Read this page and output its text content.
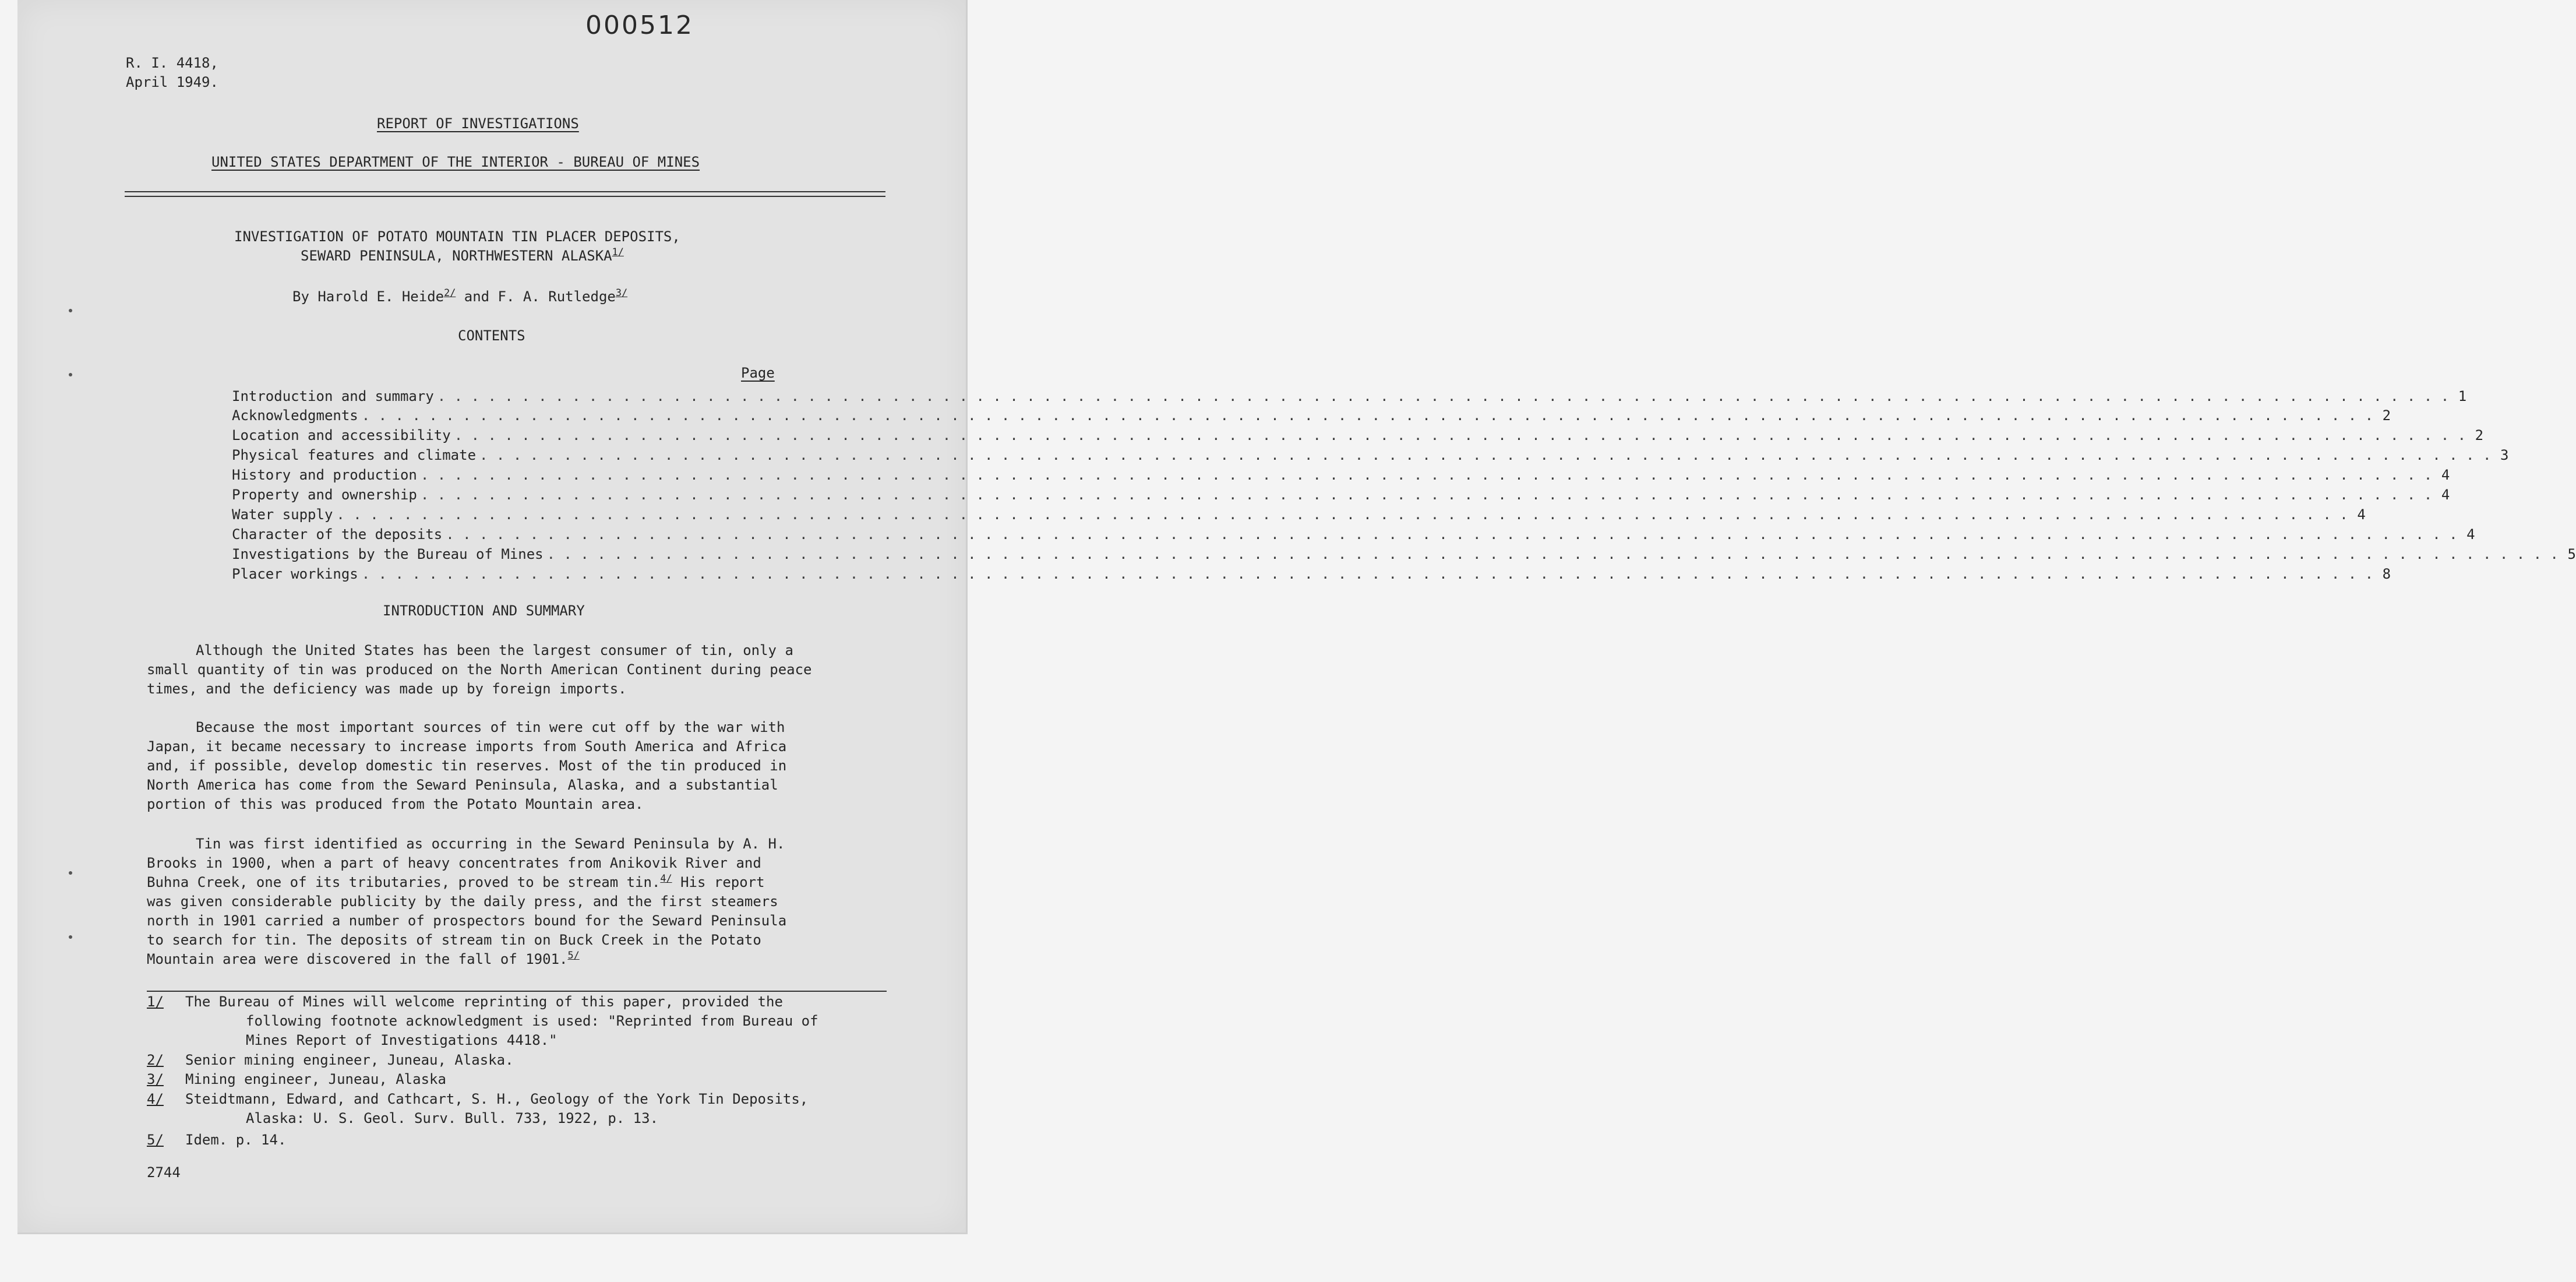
000512
R. I. 4418,
April 1949.
REPORT OF INVESTIGATIONS
UNITED STATES DEPARTMENT OF THE INTERIOR - BUREAU OF MINES
INVESTIGATION OF POTATO MOUNTAIN TIN PLACER DEPOSITS,
SEWARD PENINSULA, NORTHWESTERN ALASKA$^{1/}$
By Harold E. Heide$^{2/}$ and F. A. Rutledge$^{3/}$
CONTENTS
Page
Introduction and summary . . . . . . . . . . . . . . . . . . . . . . . . . . . . . . . . . . . . . . . . . . . . . . . . . . . . . . . . . . . . . . . . . . . . . . . . . . . . . . . . . . . . . . . . . . . . . . . . . . . . . . . . . . . . . . . . . . . . . . . . 1
Acknowledgments . . . . . . . . . . . . . . . . . . . . . . . . . . . . . . . . . . . . . . . . . . . . . . . . . . . . . . . . . . . . . . . . . . . . . . . . . . . . . . . . . . . . . . . . . . . . . . . . . . . . . . . . . . . . . . . . . . . . . . . . 2
Location and accessibility . . . . . . . . . . . . . . . . . . . . . . . . . . . . . . . . . . . . . . . . . . . . . . . . . . . . . . . . . . . . . . . . . . . . . . . . . . . . . . . . . . . . . . . . . . . . . . . . . . . . . . . . . . . . . . . . . . . . . . . . 2
Physical features and climate . . . . . . . . . . . . . . . . . . . . . . . . . . . . . . . . . . . . . . . . . . . . . . . . . . . . . . . . . . . . . . . . . . . . . . . . . . . . . . . . . . . . . . . . . . . . . . . . . . . . . . . . . . . . . . . . . . . . . . . . 3
History and production . . . . . . . . . . . . . . . . . . . . . . . . . . . . . . . . . . . . . . . . . . . . . . . . . . . . . . . . . . . . . . . . . . . . . . . . . . . . . . . . . . . . . . . . . . . . . . . . . . . . . . . . . . . . . . . . . . . . . . . . 4
Property and ownership . . . . . . . . . . . . . . . . . . . . . . . . . . . . . . . . . . . . . . . . . . . . . . . . . . . . . . . . . . . . . . . . . . . . . . . . . . . . . . . . . . . . . . . . . . . . . . . . . . . . . . . . . . . . . . . . . . . . . . . . 4
Water supply . . . . . . . . . . . . . . . . . . . . . . . . . . . . . . . . . . . . . . . . . . . . . . . . . . . . . . . . . . . . . . . . . . . . . . . . . . . . . . . . . . . . . . . . . . . . . . . . . . . . . . . . . . . . . . . . . . . . . . . . 4
Character of the deposits . . . . . . . . . . . . . . . . . . . . . . . . . . . . . . . . . . . . . . . . . . . . . . . . . . . . . . . . . . . . . . . . . . . . . . . . . . . . . . . . . . . . . . . . . . . . . . . . . . . . . . . . . . . . . . . . . . . . . . . . 4
Investigations by the Bureau of Mines . . . . . . . . . . . . . . . . . . . . . . . . . . . . . . . . . . . . . . . . . . . . . . . . . . . . . . . . . . . . . . . . . . . . . . . . . . . . . . . . . . . . . . . . . . . . . . . . . . . . . . . . . . . . . . . . . . . . . . . . 5
Placer workings . . . . . . . . . . . . . . . . . . . . . . . . . . . . . . . . . . . . . . . . . . . . . . . . . . . . . . . . . . . . . . . . . . . . . . . . . . . . . . . . . . . . . . . . . . . . . . . . . . . . . . . . . . . . . . . . . . . . . . . . 8
INTRODUCTION AND SUMMARY
Although the United States has been the largest consumer of tin, only a
small quantity of tin was produced on the North American Continent during peace
times, and the deficiency was made up by foreign imports.
Because the most important sources of tin were cut off by the war with
Japan, it became necessary to increase imports from South America and Africa
and, if possible, develop domestic tin reserves. Most of the tin produced in
North America has come from the Seward Peninsula, Alaska, and a substantial
portion of this was produced from the Potato Mountain area.
Tin was first identified as occurring in the Seward Peninsula by A. H.
Brooks in 1900, when a part of heavy concentrates from Anikovik River and
Buhna Creek, one of its tributaries, proved to be stream tin.$^{4/}$ His report
was given considerable publicity by the daily press, and the first steamers
north in 1901 carried a number of prospectors bound for the Seward Peninsula
to search for tin. The deposits of stream tin on Buck Creek in the Potato
Mountain area were discovered in the fall of 1901.$^{5/}$
1/ The Bureau of Mines will welcome reprinting of this paper, provided the
following footnote acknowledgment is used: "Reprinted from Bureau of
Mines Report of Investigations 4418."
2/ Senior mining engineer, Juneau, Alaska.
3/ Mining engineer, Juneau, Alaska
4/ Steidtmann, Edward, and Cathcart, S. H., Geology of the York Tin Deposits,
Alaska: U. S. Geol. Surv. Bull. 733, 1922, p. 13.
5/ Idem. p. 14.
2744
